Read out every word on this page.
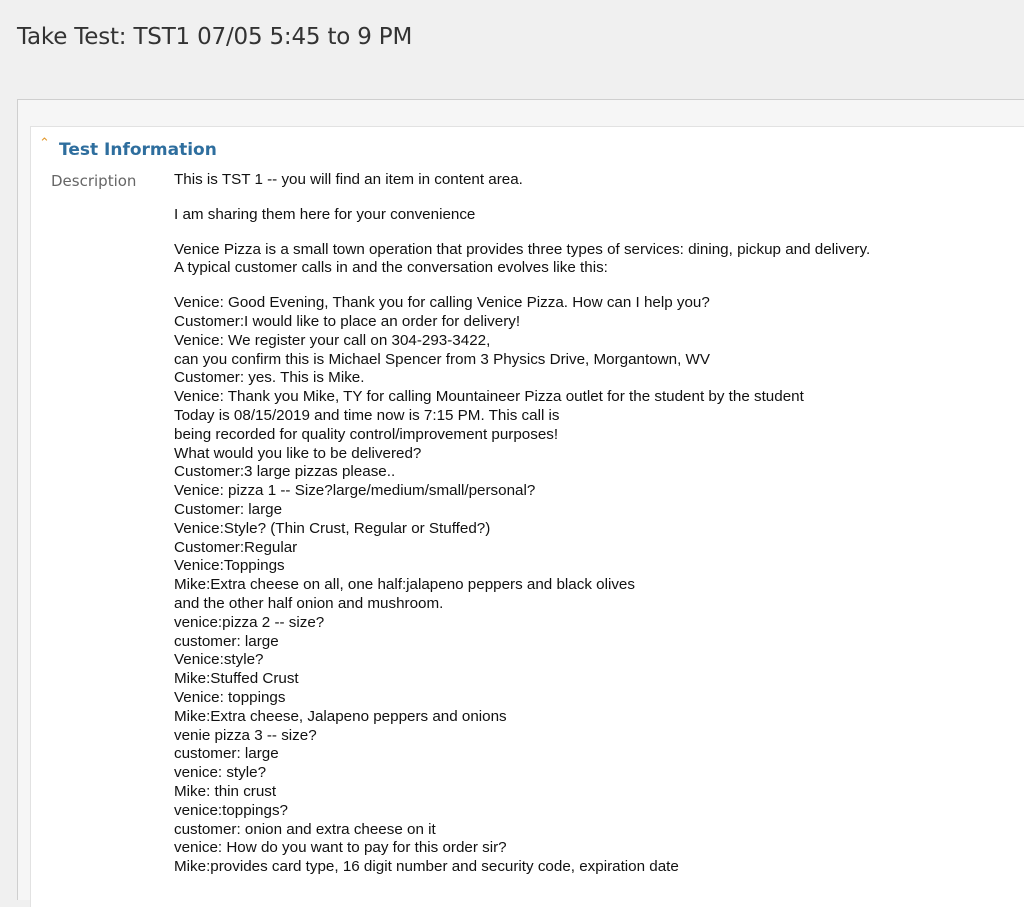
Take Test: TST1 07/05 5:45 to 9 PM
⌃ Test Information
Description This is TST 1 -- you will find an item in content area.

I am sharing them here for your convenience

Venice Pizza is a small town operation that provides three types of services: dining, pickup and delivery.
A typical customer calls in and the conversation evolves like this:

Venice: Good Evening, Thank you for calling Venice Pizza. How can I help you?
Customer:I would like to place an order for delivery!
Venice: We register your call on 304-293-3422,
can you confirm this is Michael Spencer from 3 Physics Drive, Morgantown, WV
Customer: yes. This is Mike.
Venice: Thank you Mike, TY for calling Mountaineer Pizza outlet for the student by the student
Today is 08/15/2019 and time now is 7:15 PM. This call is
being recorded for quality control/improvement purposes!
What would you like to be delivered?
Customer:3 large pizzas please..
Venice: pizza 1 -- Size?large/medium/small/personal?
Customer: large
Venice:Style? (Thin Crust, Regular or Stuffed?)
Customer:Regular
Venice:Toppings
Mike:Extra cheese on all, one half:jalapeno peppers and black olives
and the other half onion and mushroom.
venice:pizza 2 -- size?
customer: large
Venice:style?
Mike:Stuffed Crust
Venice: toppings
Mike:Extra cheese, Jalapeno peppers and onions
venie pizza 3 -- size?
customer: large
venice: style?
Mike: thin crust
venice:toppings?
customer: onion and extra cheese on it
venice: How do you want to pay for this order sir?
Mike:provides card type, 16 digit number and security code, expiration date
